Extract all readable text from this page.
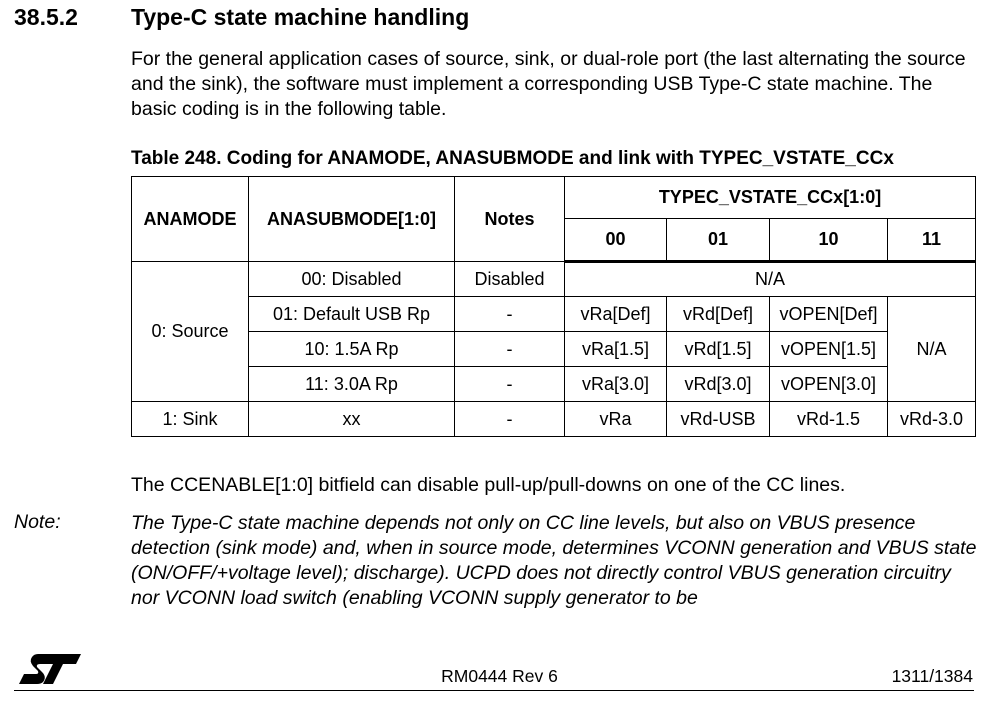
38.5.2 Type-C state machine handling
For the general application cases of source, sink, or dual-role port (the last alternating the source and the sink), the software must implement a corresponding USB Type-C state machine. The basic coding is in the following table.
Table 248. Coding for ANAMODE, ANASUBMODE and link with TYPEC_VSTATE_CCx
ANAMODE	ANASUBMODE[1:0]	Notes	TYPEC_VSTATE_CCx[1:0]			
			00	01	10	11
0: Source	00: Disabled	Disabled	N/A			
	01: Default USB Rp	-	vRa[Def]	vRd[Def]	vOPEN[Def]	N/A
	10: 1.5A Rp	-	vRa[1.5]	vRd[1.5]	vOPEN[1.5]	
	11: 3.0A Rp	-	vRa[3.0]	vRd[3.0]	vOPEN[3.0]	
1: Sink	xx	-	vRa	vRd-USB	vRd-1.5	vRd-3.0
The CCENABLE[1:0] bitfield can disable pull-up/pull-downs on one of the CC lines.
Note:	The Type-C state machine depends not only on CC line levels, but also on VBUS presence detection (sink mode) and, when in source mode, determines VCONN generation and VBUS state (ON/OFF/+voltage level); discharge). UCPD does not directly control VBUS generation circuitry nor VCONN load switch (enabling VCONN supply generator to be
RM0444 Rev 6	1311/1384
